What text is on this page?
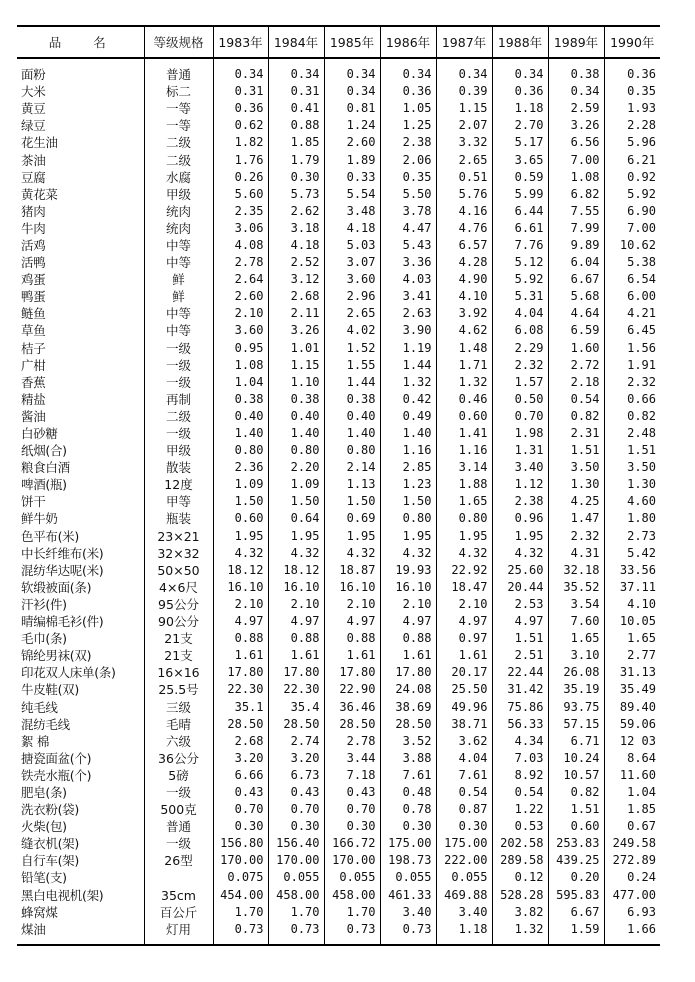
品 名	等级规格	1983年	1984年	1985年	1986年	1987年	1988年	1989年	1990年
面粉	普通	0.34	0.34	0.34	0.34	0.34	0.34	0.38	0.36
大米	标二	0.31	0.31	0.34	0.36	0.39	0.36	0.34	0.35
黄豆	一等	0.36	0.41	0.81	1.05	1.15	1.18	2.59	1.93
绿豆	一等	0.62	0.88	1.24	1.25	2.07	2.70	3.26	2.28
花生油	二级	1.82	1.85	2.60	2.38	3.32	5.17	6.56	5.96
茶油	二级	1.76	1.79	1.89	2.06	2.65	3.65	7.00	6.21
豆腐	水腐	0.26	0.30	0.33	0.35	0.51	0.59	1.08	0.92
黄花菜	甲级	5.60	5.73	5.54	5.50	5.76	5.99	6.82	5.92
猪肉	统肉	2.35	2.62	3.48	3.78	4.16	6.44	7.55	6.90
牛肉	统肉	3.06	3.18	4.18	4.47	4.76	6.61	7.99	7.00
活鸡	中等	4.08	4.18	5.03	5.43	6.57	7.76	9.89	10.62
活鸭	中等	2.78	2.52	3.07	3.36	4.28	5.12	6.04	5.38
鸡蛋	鲜	2.64	3.12	3.60	4.03	4.90	5.92	6.67	6.54
鸭蛋	鲜	2.60	2.68	2.96	3.41	4.10	5.31	5.68	6.00
鲢鱼	中等	2.10	2.11	2.65	2.63	3.92	4.04	4.64	4.21
草鱼	中等	3.60	3.26	4.02	3.90	4.62	6.08	6.59	6.45
桔子	一级	0.95	1.01	1.52	1.19	1.48	2.29	1.60	1.56
广柑	一级	1.08	1.15	1.55	1.44	1.71	2.32	2.72	1.91
香蕉	一级	1.04	1.10	1.44	1.32	1.32	1.57	2.18	2.32
精盐	再制	0.38	0.38	0.38	0.42	0.46	0.50	0.54	0.66
酱油	二级	0.40	0.40	0.40	0.49	0.60	0.70	0.82	0.82
白砂糖	一级	1.40	1.40	1.40	1.40	1.41	1.98	2.31	2.48
纸烟(合)	甲级	0.80	0.80	0.80	1.16	1.16	1.31	1.51	1.51
粮食白酒	散装	2.36	2.20	2.14	2.85	3.14	3.40	3.50	3.50
啤酒(瓶)	12度	1.09	1.09	1.13	1.23	1.88	1.12	1.30	1.30
饼干	甲等	1.50	1.50	1.50	1.50	1.65	2.38	4.25	4.60
鲜牛奶	瓶装	0.60	0.64	0.69	0.80	0.80	0.96	1.47	1.80
色平布(米)	23×21	1.95	1.95	1.95	1.95	1.95	1.95	2.32	2.73
中长纤维布(米)	32×32	4.32	4.32	4.32	4.32	4.32	4.32	4.31	5.42
混纺华达呢(米)	50×50	18.12	18.12	18.87	19.93	22.92	25.60	32.18	33.56
软缎被面(条)	4×6尺	16.10	16.10	16.10	16.10	18.47	20.44	35.52	37.11
汗衫(件)	95公分	2.10	2.10	2.10	2.10	2.10	2.53	3.54	4.10
晴编棉毛衫(件)	90公分	4.97	4.97	4.97	4.97	4.97	4.97	7.60	10.05
毛巾(条)	21支	0.88	0.88	0.88	0.88	0.97	1.51	1.65	1.65
锦纶男袜(双)	21支	1.61	1.61	1.61	1.61	1.61	2.51	3.10	2.77
印花双人床单(条)	16×16	17.80	17.80	17.80	17.80	20.17	22.44	26.08	31.13
牛皮鞋(双)	25.5号	22.30	22.30	22.90	24.08	25.50	31.42	35.19	35.49
纯毛线	三级	35.1	35.4	36.46	38.69	49.96	75.86	93.75	89.40
混纺毛线	毛晴	28.50	28.50	28.50	28.50	38.71	56.33	57.15	59.06
絮 棉	六级	2.68	2.74	2.78	3.52	3.62	4.34	6.71	12 03
搪瓷面盆(个)	36公分	3.20	3.20	3.44	3.88	4.04	7.03	10.24	8.64
铁壳水瓶(个)	5磅	6.66	6.73	7.18	7.61	7.61	8.92	10.57	11.60
肥皂(条)	一级	0.43	0.43	0.43	0.48	0.54	0.54	0.82	1.04
洗衣粉(袋)	500克	0.70	0.70	0.70	0.78	0.87	1.22	1.51	1.85
火柴(包)	普通	0.30	0.30	0.30	0.30	0.30	0.53	0.60	0.67
缝衣机(架)	一级	156.80	156.40	166.72	175.00	175.00	202.58	253.83	249.58
自行车(架)	26型	170.00	170.00	170.00	198.73	222.00	289.58	439.25	272.89
铅笔(支)		0.075	0.055	0.055	0.055	0.055	0.12	0.20	0.24
黑白电视机(架)	35cm	454.00	458.00	458.00	461.33	469.88	528.28	595.83	477.00
蜂窝煤	百公斤	1.70	1.70	1.70	3.40	3.40	3.82	6.67	6.93
煤油	灯用	0.73	0.73	0.73	0.73	1.18	1.32	1.59	1.66
